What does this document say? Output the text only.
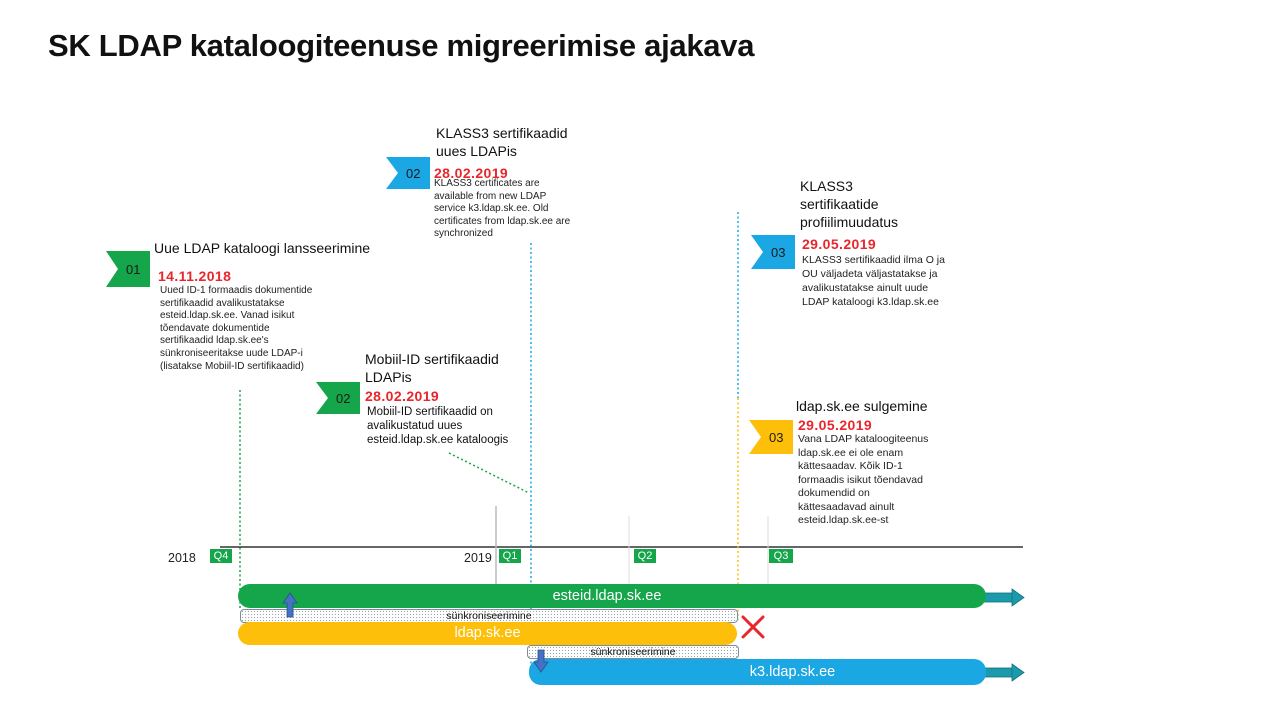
SK LDAP kataloogiteenuse migreerimise ajakava
01
Uue LDAP kataloogi lansseerimine
14.11.2018
Uued ID-1 formaadis dokumentide sertifikaadid avalikustatakse esteid.ldap.sk.ee. Vanad isikut tõendavate dokumentide sertifikaadid ldap.sk.ee's sünkroniseeritakse uude LDAP-i (lisatakse Mobiil-ID sertifikaadid)
02
KLASS3 sertifikaadid uues LDAPis
28.02.2019
KLASS3 certificates are available from new LDAP service k3.ldap.sk.ee. Old certificates from ldap.sk.ee are synchronized
02
Mobiil-ID sertifikaadid LDAPis
28.02.2019
Mobiil-ID sertifikaadid on avalikustatud uues esteid.ldap.sk.ee kataloogis
03
KLASS3 sertifikaatide profiilimuudatus
29.05.2019
KLASS3 sertifikaadid ilma O ja OU väljadeta väljastatakse ja avalikustatakse ainult uude LDAP kataloogi k3.ldap.sk.ee
03
ldap.sk.ee sulgemine
29.05.2019
Vana LDAP kataloogiteenus ldap.sk.ee ei ole enam kättesaadav. Kõik ID-1 formaadis isikut tõendavad dokumendid on kättesaadavad ainult esteid.ldap.sk.ee-st
2018	2019
Q4	Q1	Q2	Q3
esteid.ldap.sk.ee
sünkroniseerimine
ldap.sk.ee
sünkroniseerimine
k3.ldap.sk.ee
